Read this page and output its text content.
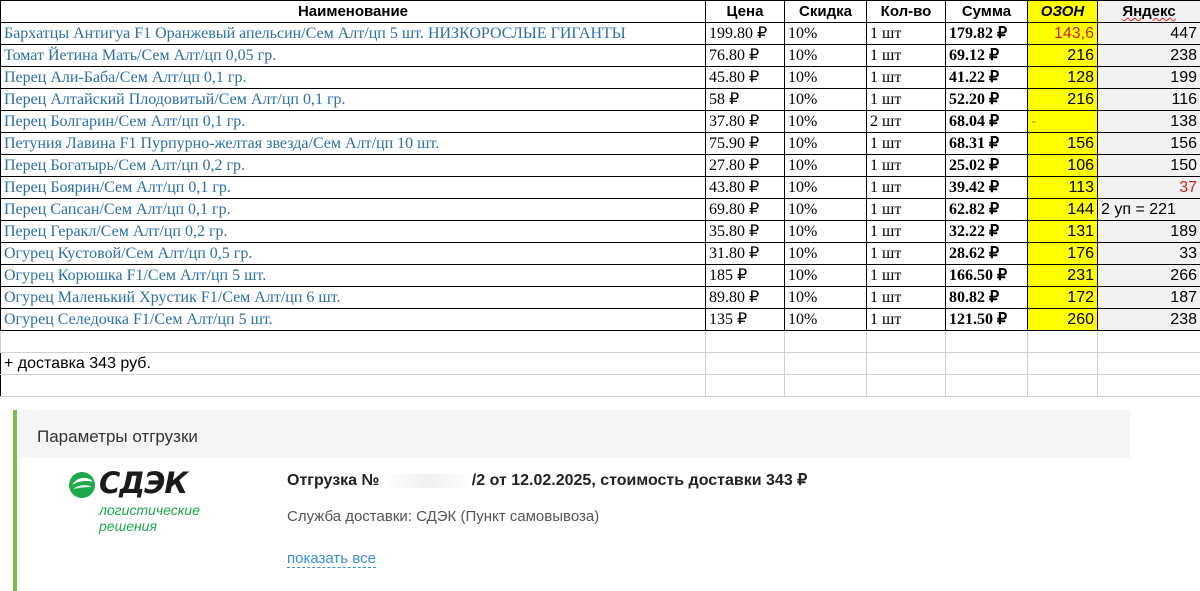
Наименование	Цена	Скидка	Кол-во	Сумма	ОЗОН	Яндекс
Бархатцы Антигуа F1 Оранжевый апельсин/Сем Алт/цп 5 шт. НИЗКОРОСЛЫЕ ГИГАНТЫ	199.80 ₽	10%	1 шт	179.82 ₽	143,6	447
Томат Йетина Мать/Сем Алт/цп 0,05 гр.	76.80 ₽	10%	1 шт	69.12 ₽	216	238
Перец Али-Баба/Сем Алт/цп 0,1 гр.	45.80 ₽	10%	1 шт	41.22 ₽	128	199
Перец Алтайский Плодовитый/Сем Алт/цп 0,1 гр.	58 ₽	10%	1 шт	52.20 ₽	216	116
Перец Болгарин/Сем Алт/цп 0,1 гр.	37.80 ₽	10%	2 шт	68.04 ₽	-	138
Петуния Лавина F1 Пурпурно-желтая звезда/Сем Алт/цп 10 шт.	75.90 ₽	10%	1 шт	68.31 ₽	156	156
Перец Богатырь/Сем Алт/цп 0,2 гр.	27.80 ₽	10%	1 шт	25.02 ₽	106	150
Перец Боярин/Сем Алт/цп 0,1 гр.	43.80 ₽	10%	1 шт	39.42 ₽	113	37
Перец Сапсан/Сем Алт/цп 0,1 гр.	69.80 ₽	10%	1 шт	62.82 ₽	144	2 уп = 221
Перец Геракл/Сем Алт/цп 0,2 гр.	35.80 ₽	10%	1 шт	32.22 ₽	131	189
Огурец Кустовой/Сем Алт/цп 0,5 гр.	31.80 ₽	10%	1 шт	28.62 ₽	176	33
Огурец Корюшка F1/Сем Алт/цп 5 шт.	185 ₽	10%	1 шт	166.50 ₽	231	266
Огурец Маленький Хрустик F1/Сем Алт/цп 6 шт.	89.80 ₽	10%	1 шт	80.82 ₽	172	187
Огурец Селедочка F1/Сем Алт/цп 5 шт.	135 ₽	10%	1 шт	121.50 ₽	260	238

+ доставка 343 руб.						

Параметры отгрузки
СДЭК
логистические
решения
Отгрузка №	/2 от 12.02.2025, стоимость доставки 343 ₽
Служба доставки: СДЭК (Пункт самовывоза)
показать все
